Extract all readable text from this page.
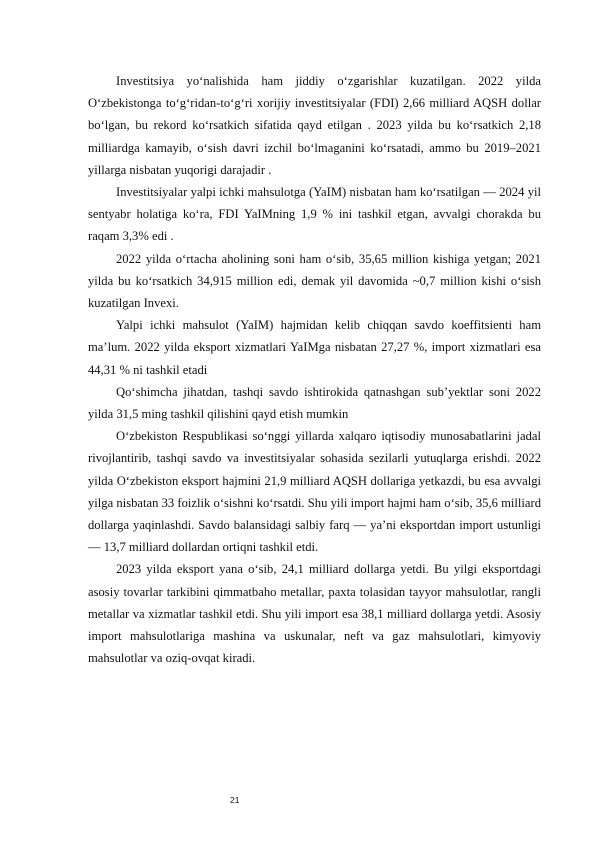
Investitsiya yo‘nalishida ham jiddiy o‘zgarishlar kuzatilgan. 2022 yilda O‘zbekistonga to‘g‘ridan-to‘g‘ri xorijiy investitsiyalar (FDI) 2,66 milliard AQSH dollar bo‘lgan, bu rekord ko‘rsatkich sifatida qayd etilgan . 2023 yilda bu ko‘rsatkich 2,18 milliardga kamayib, o‘sish davri izchil bo‘lmaganini ko‘rsatadi, ammo bu 2019–2021 yillarga nisbatan yuqorigi darajadir .

Investitsiyalar yalpi ichki mahsulotga (YaIM) nisbatan ham ko‘rsatilgan — 2024 yil sentyabr holatiga ko‘ra, FDI YaIMning 1,9 % ini tashkil etgan, avvalgi chorakda bu raqam 3,3% edi .

2022 yilda o‘rtacha aholining soni ham o‘sib, 35,65 million kishiga yetgan; 2021 yilda bu ko‘rsatkich 34,915 million edi, demak yil davomida ~0,7 million kishi o‘sish kuzatilgan Invexi.

Yalpi ichki mahsulot (YaIM) hajmidan kelib chiqqan savdo koeffitsienti ham ma’lum. 2022 yilda eksport xizmatlari YaIMga nisbatan 27,27 %, import xizmatlari esa 44,31 % ni tashkil etadi

Qo‘shimcha jihatdan, tashqi savdo ishtirokida qatnashgan sub’yektlar soni 2022 yilda 31,5 ming tashkil qilishini qayd etish mumkin

O‘zbekiston Respublikasi so‘nggi yillarda xalqaro iqtisodiy munosabatlarini jadal rivojlantirib, tashqi savdo va investitsiyalar sohasida sezilarli yutuqlarga erishdi. 2022 yilda O‘zbekiston eksport hajmini 21,9 milliard AQSH dollariga yetkazdi, bu esa avvalgi yilga nisbatan 33 foizlik o‘sishni ko‘rsatdi. Shu yili import hajmi ham o‘sib, 35,6 milliard dollarga yaqinlashdi. Savdo balansidagi salbiy farq — ya’ni eksportdan import ustunligi — 13,7 milliard dollardan ortiqni tashkil etdi.

2023 yilda eksport yana o‘sib, 24,1 milliard dollarga yetdi. Bu yilgi eksportdagi asosiy tovarlar tarkibini qimmatbaho metallar, paxta tolasidan tayyor mahsulotlar, rangli metallar va xizmatlar tashkil etdi. Shu yili import esa 38,1 milliard dollarga yetdi. Asosiy import mahsulotlariga mashina va uskunalar, neft va gaz mahsulotlari, kimyoviy mahsulotlar va oziq-ovqat kiradi.

21
